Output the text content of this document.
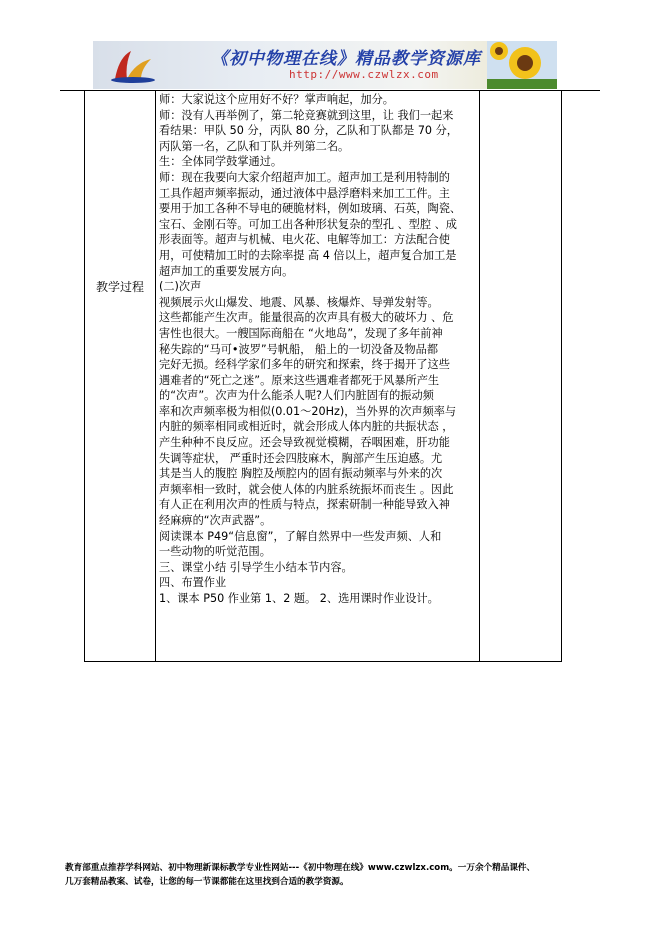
《初中物理在线》精品教学资源库
http://www.czwlzx.com
教学过程
师：大家说这个应用好不好？掌声响起，加分。
师：没有人再举例了，第二轮竞赛就到这里，让 我们一起来
看结果：甲队 50 分，丙队 80 分，乙队和丁队都是 70 分，
丙队第一名，乙队和丁队并列第二名。
生：全体同学鼓掌通过。
师：现在我要向大家介绍超声加工。超声加工是利用特制的
工具作超声频率振动，通过液体中悬浮磨料来加工工件。主
要用于加工各种不导电的硬脆材料，例如玻璃、石英，陶瓷、
宝石、金刚石等。可加工出各种形状复杂的型孔 、型腔 、成
形表面等。超声与机械、电火花、电解等加工：方法配合使
用，可使精加工时的去除率提 高 4 倍以上，超声复合加工是
超声加工的重要发展方向。
(二)次声
视频展示火山爆发、地震、风暴、核爆炸、导弹发射等。
这些都能产生次声。能量很高的次声具有极大的破坏力 、危
害性也很大。一艘国际商船在 “火地岛”，发现了多年前神
秘失踪的“马可•波罗”号帆船， 船上的一切没备及物品都
完好无损。经科学家们多年的研究和探索，终于揭开了这些
遇难者的“死亡之迷”。原来这些遇难者都死于风暴所产生
的“次声”。次声为什么能杀人呢?人们内脏固有的振动频
率和次声频率极为相似(0.01～20Hz)，当外界的次声频率与
内脏的频率相同或相近时，就会形成人体内脏的共振状态 ，
产生种种不良反应。还会导致视觉模糊，吞咽困难，肝功能
失调等症状， 严重时还会四肢麻木，胸部产生压迫感。尤
其是当人的腹腔 胸腔及颅腔内的固有振动频率与外来的次
声频率相一致时，就会使人体的内脏系统振坏而丧生 。因此
有人正在利用次声的性质与特点，探索研制一种能导致入神
经麻痹的“次声武器”。
阅读课本 P49“信息窗”，了解自然界中一些发声频、人和
一些动物的听觉范围。
三、课堂小结 引导学生小结本节内容。
四、布置作业
1、课本 P50 作业第 1、2 题。 2、选用课时作业设计。
教育部重点推荐学科网站、初中物理新课标教学专业性网站---《初中物理在线》www.czwlzx.com。一万余个精品课件、
几万套精品教案、试卷，让您的每一节课都能在这里找到合适的教学资源。
